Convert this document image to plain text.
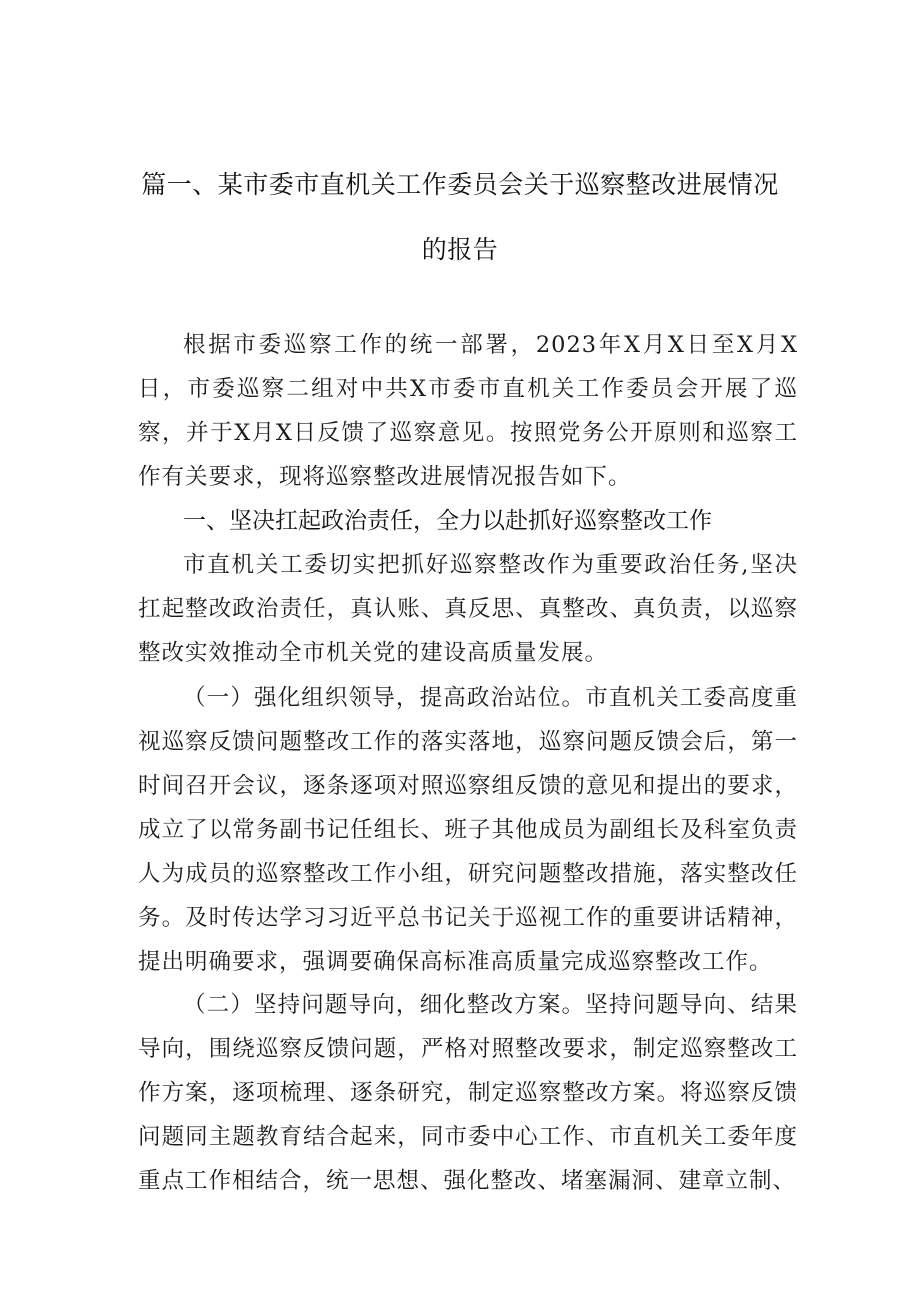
篇一、某市委市直机关工作委员会关于巡察整改进展情况
的报告

根据市委巡察工作的统一部署，2023年X月X日至X月X日，市委巡察二组对中共X市委市直机关工作委员会开展了巡察，并于X月X日反馈了巡察意见。按照党务公开原则和巡察工作有关要求，现将巡察整改进展情况报告如下。

一、坚决扛起政治责任，全力以赴抓好巡察整改工作

市直机关工委切实把抓好巡察整改作为重要政治任务,坚决扛起整改政治责任，真认账、真反思、真整改、真负责，以巡察整改实效推动全市机关党的建设高质量发展。

（一）强化组织领导，提高政治站位。市直机关工委高度重视巡察反馈问题整改工作的落实落地，巡察问题反馈会后，第一时间召开会议，逐条逐项对照巡察组反馈的意见和提出的要求，成立了以常务副书记任组长、班子其他成员为副组长及科室负责人为成员的巡察整改工作小组，研究问题整改措施，落实整改任务。及时传达学习习近平总书记关于巡视工作的重要讲话精神，提出明确要求，强调要确保高标准高质量完成巡察整改工作。

（二）坚持问题导向，细化整改方案。坚持问题导向、结果导向，围绕巡察反馈问题，严格对照整改要求，制定巡察整改工作方案，逐项梳理、逐条研究，制定巡察整改方案。将巡察反馈问题同主题教育结合起来，同市委中心工作、市直机关工委年度重点工作相结合，统一思想、强化整改、堵塞漏洞、建章立制、
